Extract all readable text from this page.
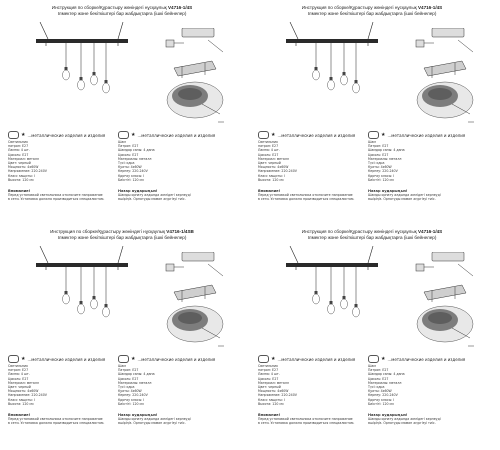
Инструкция по сборке/Құрастыру жөніндегі нұсқаулық V4716-1/4S
Ілмектер және бекіткіштері бар жабдықтарға (ішкі бейнелер)
★ ...металлические изделия и изделия	★ ...металлические изделия и изделия
Светильник
патрон: E27
Лампа: 4 шт.
Цоколь: E27
Материал: металл
Цвет: черный
Мощность: 4x60W
Напряжение: 220-240V
Класс защиты: I
Высота: 120 см
Шам
Патрон: E27
Шамдар саны: 4 дана
Цоколь: E27
Материалы: металл
Түсі: қара
Қуаты: 4x60W
Кернеу: 220-240V
Қорғау класы: I
Биіктігі: 120 см
Внимание!
Перед установкой светильника отключите напряжение
в сети. Установка должна производиться специалистом.
Назар аударыңыз!
Шамды орнату алдында желідегі кернеуді
өшіріңіз. Орнатуды маман жүргізуі тиіс.
Инструкция по сборке/Құрастыру жөніндегі нұсқаулық V4716-1/4S
Ілмектер және бекіткіштері бар жабдықтарға (ішкі бейнелер)
★ ...металлические изделия и изделия	★ ...металлические изделия и изделия
Светильник
патрон: E27
Лампа: 4 шт.
Цоколь: E27
Материал: металл
Цвет: черный
Мощность: 4x60W
Напряжение: 220-240V
Класс защиты: I
Высота: 120 см
Шам
Патрон: E27
Шамдар саны: 4 дана
Цоколь: E27
Материалы: металл
Түсі: қара
Қуаты: 4x60W
Кернеу: 220-240V
Қорғау класы: I
Биіктігі: 120 см
Внимание!
Перед установкой светильника отключите напряжение
в сети. Установка должна производиться специалистом.
Назар аударыңыз!
Шамды орнату алдында желідегі кернеуді
өшіріңіз. Орнатуды маман жүргізуі тиіс.
Инструкция по сборке/Құрастыру жөніндегі нұсқаулық V4716-1/4SB
Ілмектер және бекіткіштері бар жабдықтарға (ішкі бейнелер)
★ ...металлические изделия и изделия	★ ...металлические изделия и изделия
Светильник
патрон: E27
Лампа: 4 шт.
Цоколь: E27
Материал: металл
Цвет: черный
Мощность: 4x60W
Напряжение: 220-240V
Класс защиты: I
Высота: 120 см
Шам
Патрон: E27
Шамдар саны: 4 дана
Цоколь: E27
Материалы: металл
Түсі: қара
Қуаты: 4x60W
Кернеу: 220-240V
Қорғау класы: I
Биіктігі: 120 см
Внимание!
Перед установкой светильника отключите напряжение
в сети. Установка должна производиться специалистом.
Назар аударыңыз!
Шамды орнату алдында желідегі кернеуді
өшіріңіз. Орнатуды маман жүргізуі тиіс.
Инструкция по сборке/Құрастыру жөніндегі нұсқаулық V4716-1/4S
Ілмектер және бекіткіштері бар жабдықтарға (ішкі бейнелер)
★ ...металлические изделия и изделия	★ ...металлические изделия и изделия
Светильник
патрон: E27
Лампа: 4 шт.
Цоколь: E27
Материал: металл
Цвет: черный
Мощность: 4x60W
Напряжение: 220-240V
Класс защиты: I
Высота: 120 см
Шам
Патрон: E27
Шамдар саны: 4 дана
Цоколь: E27
Материалы: металл
Түсі: қара
Қуаты: 4x60W
Кернеу: 220-240V
Қорғау класы: I
Биіктігі: 120 см
Внимание!
Перед установкой светильника отключите напряжение
в сети. Установка должна производиться специалистом.
Назар аударыңыз!
Шамды орнату алдында желідегі кернеуді
өшіріңіз. Орнатуды маман жүргізуі тиіс.
